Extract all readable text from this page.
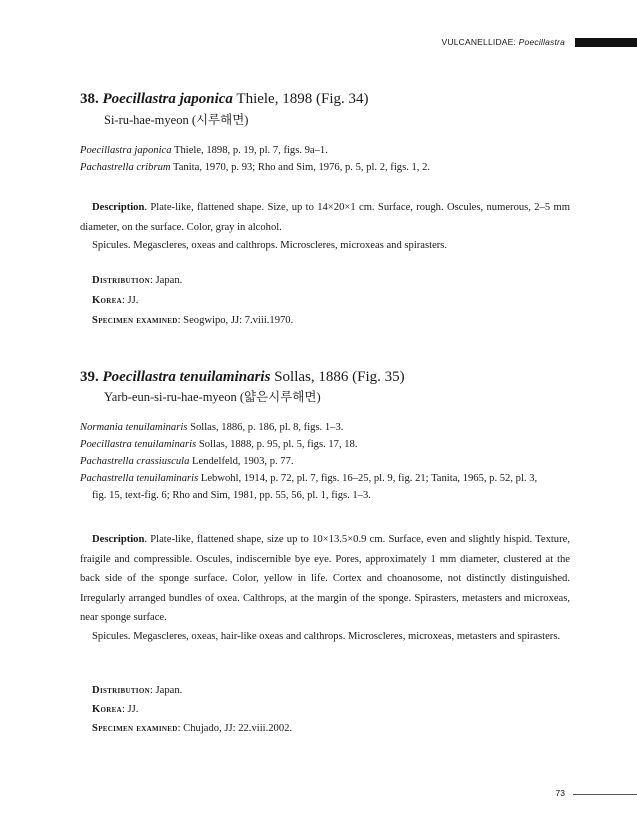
VULCANELLIDAE: Poecillastra
38. Poecillastra japonica Thiele, 1898 (Fig. 34)
Si-ru-hae-myeon (시루해면)
Poecillastra japonica Thiele, 1898, p. 19, pl. 7, figs. 9a–1.
Pachastrella cribrum Tanita, 1970, p. 93; Rho and Sim, 1976, p. 5, pl. 2, figs. 1, 2.
Description. Plate-like, flattened shape. Size, up to 14×20×1 cm. Surface, rough. Oscules, numerous, 2–5 mm diameter, on the surface. Color, gray in alcohol.
Spicules. Megascleres, oxeas and calthrops. Microscleres, microxeas and spirasters.
Distribution: Japan.
Korea: JJ.
Specimen examined: Seogwipo, JJ: 7.viii.1970.
39. Poecillastra tenuilaminaris Sollas, 1886 (Fig. 35)
Yarb-eun-si-ru-hae-myeon (얇은시루해면)
Normania tenuilaminaris Sollas, 1886, p. 186, pl. 8, figs. 1–3.
Poecillastra tenuilaminaris Sollas, 1888, p. 95, pl. 5, figs. 17, 18.
Pachastrella crassiuscula Lendelfeld, 1903, p. 77.
Pachastrella tenuilaminaris Lebwohl, 1914, p. 72, pl. 7, figs. 16–25, pl. 9, fig. 21; Tanita, 1965, p. 52, pl. 3,
fig. 15, text-fig. 6; Rho and Sim, 1981, pp. 55, 56, pl. 1, figs. 1–3.
Description. Plate-like, flattened shape, size up to 10×13.5×0.9 cm. Surface, even and slightly hispid. Texture, fraigile and compressible. Oscules, indiscernible bye eye. Pores, approximately 1 mm diameter, clustered at the back side of the sponge surface. Color, yellow in life. Cortex and choanosome, not distinctly distinguished. Irregularly arranged bundles of oxea. Calthrops, at the margin of the sponge. Spirasters, metasters and microxeas, near sponge surface.
Spicules. Megascleres, oxeas, hair-like oxeas and calthrops. Microscleres, microxeas, metasters and spirasters.
Distribution: Japan.
Korea: JJ.
Specimen examined: Chujado, JJ: 22.viii.2002.
73
